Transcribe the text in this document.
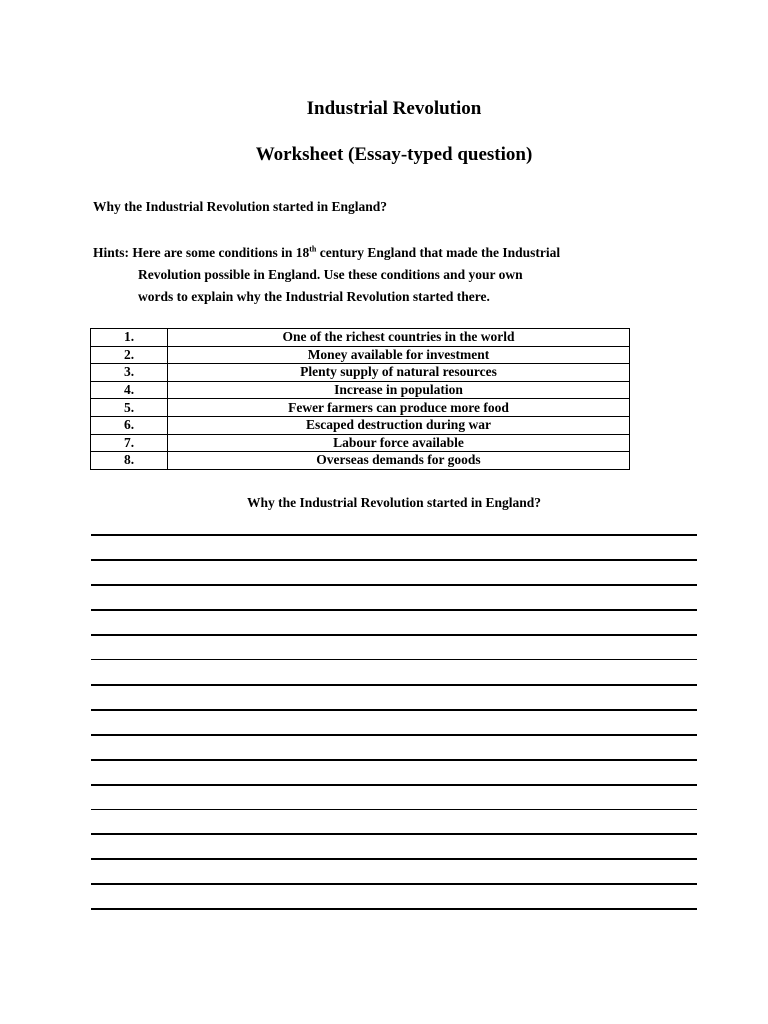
Industrial Revolution
Worksheet (Essay-typed question)
Why the Industrial Revolution started in England?
Hints: Here are some conditions in 18th century England that made the Industrial
Revolution possible in England. Use these conditions and your own
words to explain why the Industrial Revolution started there.
1.	One of the richest countries in the world
2.	Money available for investment
3.	Plenty supply of natural resources
4.	Increase in population
5.	Fewer farmers can produce more food
6.	Escaped destruction during war
7.	Labour force available
8.	Overseas demands for goods
Why the Industrial Revolution started in England?
